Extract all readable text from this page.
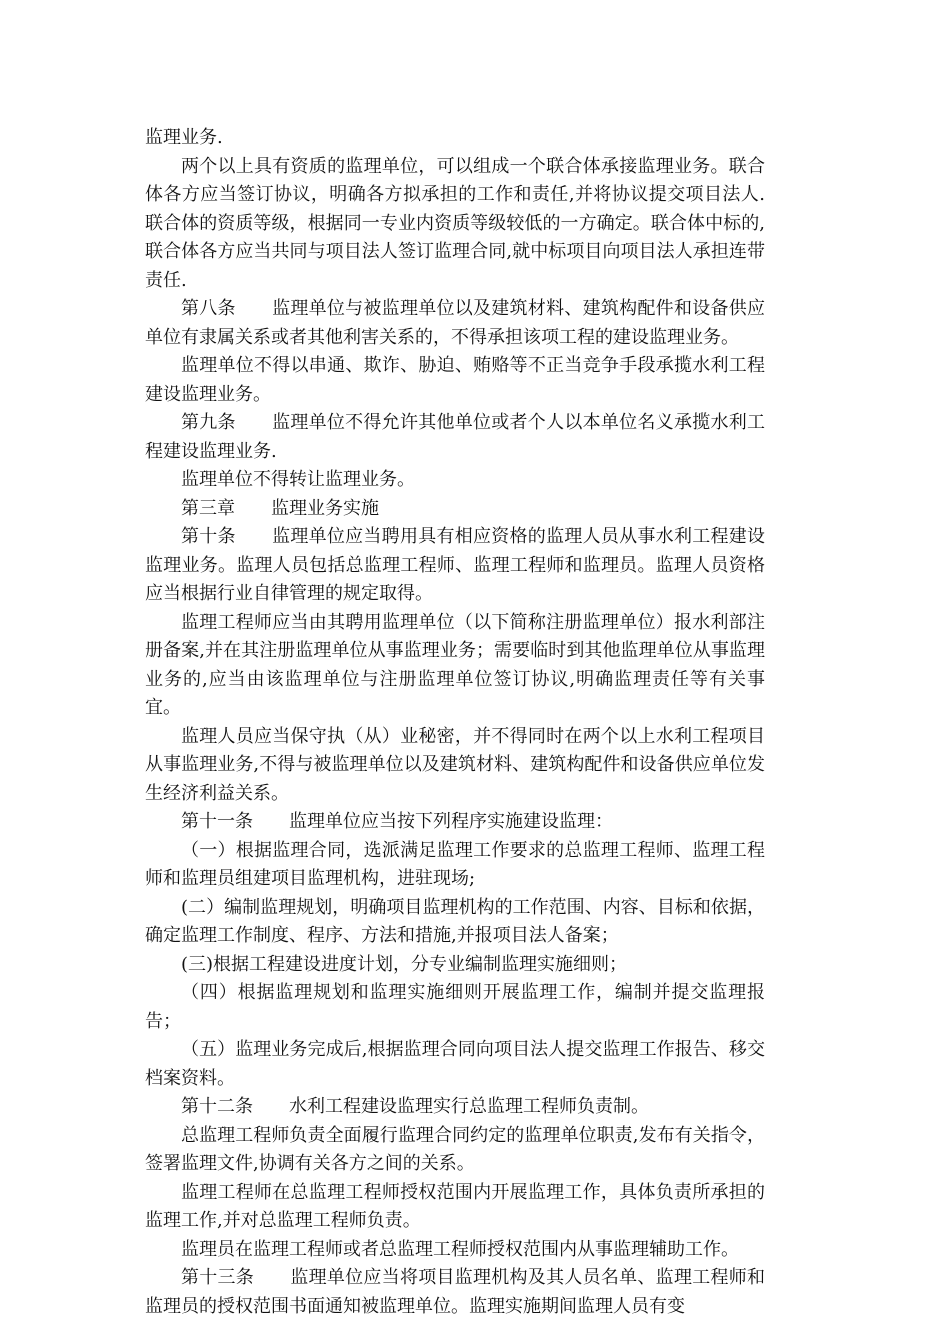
监理业务.

两个以上具有资质的监理单位，可以组成一个联合体承接监理业务。联合体各方应当签订协议，明确各方拟承担的工作和责任,并将协议提交项目法人.联合体的资质等级，根据同一专业内资质等级较低的一方确定。联合体中标的,联合体各方应当共同与项目法人签订监理合同,就中标项目向项目法人承担连带责任.

第八条 监理单位与被监理单位以及建筑材料、建筑构配件和设备供应单位有隶属关系或者其他利害关系的，不得承担该项工程的建设监理业务。

监理单位不得以串通、欺诈、胁迫、贿赂等不正当竞争手段承揽水利工程建设监理业务。

第九条 监理单位不得允许其他单位或者个人以本单位名义承揽水利工程建设监理业务.

监理单位不得转让监理业务。

第三章 监理业务实施

第十条 监理单位应当聘用具有相应资格的监理人员从事水利工程建设监理业务。监理人员包括总监理工程师、监理工程师和监理员。监理人员资格应当根据行业自律管理的规定取得。

监理工程师应当由其聘用监理单位（以下简称注册监理单位）报水利部注册备案,并在其注册监理单位从事监理业务；需要临时到其他监理单位从事监理业务的,应当由该监理单位与注册监理单位签订协议,明确监理责任等有关事宜。

监理人员应当保守执（从）业秘密，并不得同时在两个以上水利工程项目从事监理业务,不得与被监理单位以及建筑材料、建筑构配件和设备供应单位发生经济利益关系。

第十一条 监理单位应当按下列程序实施建设监理：

（一）根据监理合同，选派满足监理工作要求的总监理工程师、监理工程师和监理员组建项目监理机构，进驻现场;

(二）编制监理规划，明确项目监理机构的工作范围、内容、目标和依据，确定监理工作制度、程序、方法和措施,并报项目法人备案；

(三)根据工程建设进度计划，分专业编制监理实施细则；

（四）根据监理规划和监理实施细则开展监理工作，编制并提交监理报告；

（五）监理业务完成后,根据监理合同向项目法人提交监理工作报告、移交档案资料。

第十二条 水利工程建设监理实行总监理工程师负责制。

总监理工程师负责全面履行监理合同约定的监理单位职责,发布有关指令，签署监理文件,协调有关各方之间的关系。

监理工程师在总监理工程师授权范围内开展监理工作，具体负责所承担的监理工作,并对总监理工程师负责。

监理员在监理工程师或者总监理工程师授权范围内从事监理辅助工作。

第十三条 监理单位应当将项目监理机构及其人员名单、监理工程师和监理员的授权范围书面通知被监理单位。监理实施期间监理人员有变
